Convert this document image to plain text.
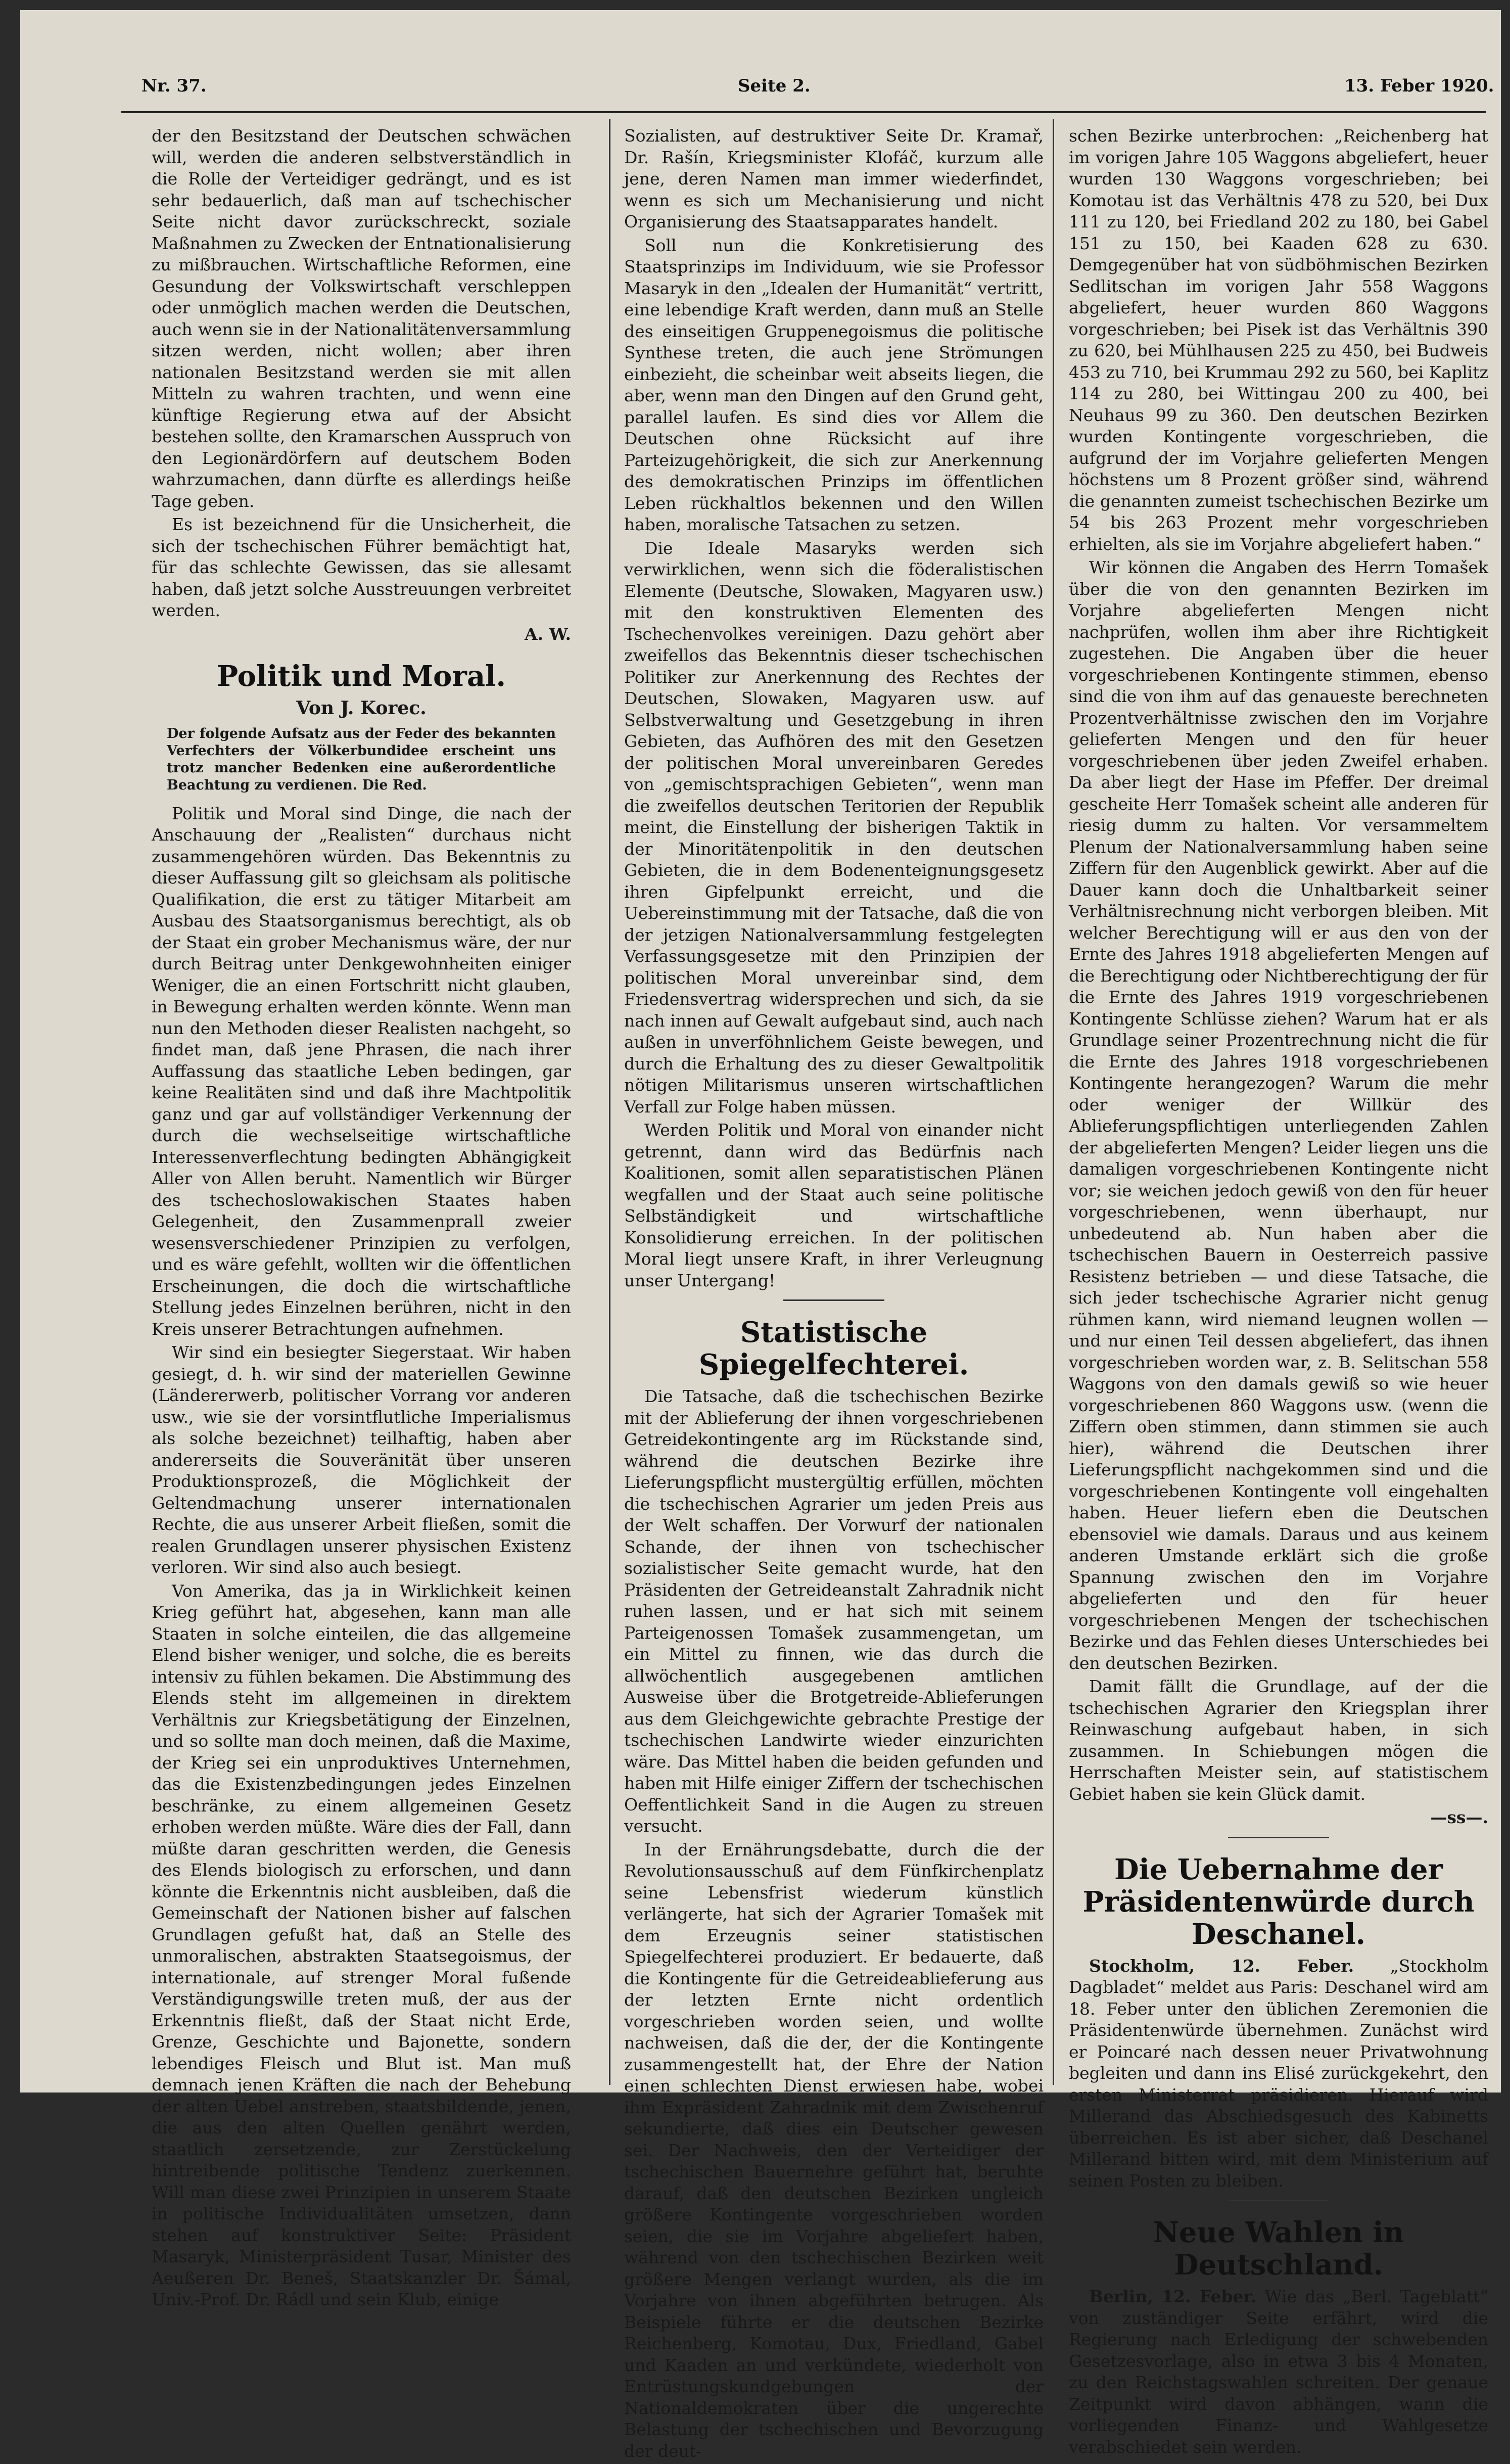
Nr. 37.	Seite 2.	13. Feber 1920.

der den Besitzstand der Deutschen schwächen will, werden die anderen selbstverständlich in die Rolle der Verteidiger gedrängt, und es ist sehr bedauerlich, daß man auf tschechischer Seite nicht davor zurückschreckt, soziale Maßnahmen zu Zwecken der Entnationalisierung zu mißbrauchen. Wirtschaftliche Reformen, eine Gesundung der Volkswirtschaft verschleppen oder unmöglich machen werden die Deutschen, auch wenn sie in der Nationalitätenversammlung sitzen werden, nicht wollen; aber ihren nationalen Besitzstand werden sie mit allen Mitteln zu wahren trachten, und wenn eine künftige Regierung etwa auf der Absicht bestehen sollte, den Kramarschen Ausspruch von den Legionärdörfern auf deutschem Boden wahrzumachen, dann dürfte es allerdings heiße Tage geben.

Es ist bezeichnend für die Unsicherheit, die sich der tschechischen Führer bemächtigt hat, für das schlechte Gewissen, das sie allesamt haben, daß jetzt solche Ausstreuungen verbreitet werden.

A. W.
Politik und Moral.
Von J. Korec.
Der folgende Aufsatz aus der Feder des bekannten Verfechters der Völkerbundidee erscheint uns trotz mancher Bedenken eine außerordentliche Beachtung zu verdienen. Die Red.

Politik und Moral sind Dinge, die nach der Anschauung der „Realisten“ durchaus nicht zusammengehören würden. Das Bekenntnis zu dieser Auffassung gilt so gleichsam als politische Qualifikation, die erst zu tätiger Mitarbeit am Ausbau des Staatsorganismus berechtigt, als ob der Staat ein grober Mechanismus wäre, der nur durch Beitrag unter Denkgewohnheiten einiger Weniger, die an einen Fortschritt nicht glauben, in Bewegung erhalten werden könnte. Wenn man nun den Methoden dieser Realisten nachgeht, so findet man, daß jene Phrasen, die nach ihrer Auffassung das staatliche Leben bedingen, gar keine Realitäten sind und daß ihre Machtpolitik ganz und gar auf vollständiger Verkennung der durch die wechselseitige wirtschaftliche Interessenverflechtung bedingten Abhängigkeit Aller von Allen beruht. Namentlich wir Bürger des tschechoslowakischen Staates haben Gelegenheit, den Zusammenprall zweier wesensverschiedener Prinzipien zu verfolgen, und es wäre gefehlt, wollten wir die öffentlichen Erscheinungen, die doch die wirtschaftliche Stellung jedes Einzelnen berühren, nicht in den Kreis unserer Betrachtungen aufnehmen.

Wir sind ein besiegter Siegerstaat. Wir haben gesiegt, d. h. wir sind der materiellen Gewinne (Ländererwerb, politischer Vorrang vor anderen usw., wie sie der vorsintflutliche Imperialismus als solche bezeichnet) teilhaftig, haben aber andererseits die Souveränität über unseren Produktionsprozeß, die Möglichkeit der Geltendmachung unserer internationalen Rechte, die aus unserer Arbeit fließen, somit die realen Grundlagen unserer physischen Existenz verloren. Wir sind also auch besiegt.

Von Amerika, das ja in Wirklichkeit keinen Krieg geführt hat, abgesehen, kann man alle Staaten in solche einteilen, die das allgemeine Elend bisher weniger, und solche, die es bereits intensiv zu fühlen bekamen. Die Abstimmung des Elends steht im allgemeinen in direktem Verhältnis zur Kriegsbetätigung der Einzelnen, und so sollte man doch meinen, daß die Maxime, der Krieg sei ein unproduktives Unternehmen, das die Existenzbedingungen jedes Einzelnen beschränke, zu einem allgemeinen Gesetz erhoben werden müßte. Wäre dies der Fall, dann müßte daran geschritten werden, die Genesis des Elends biologisch zu erforschen, und dann könnte die Erkenntnis nicht ausbleiben, daß die Gemeinschaft der Nationen bisher auf falschen Grundlagen gefußt hat, daß an Stelle des unmoralischen, abstrakten Staatsegoismus, der internationale, auf strenger Moral fußende Verständigungswille treten muß, der aus der Erkenntnis fließt, daß der Staat nicht Erde, Grenze, Geschichte und Bajonette, sondern lebendiges Fleisch und Blut ist. Man muß demnach jenen Kräften die nach der Behebung der alten Uebel anstreben, staatsbildende, jenen, die aus den alten Quellen genährt werden, staatlich zersetzende, zur Zerstückelung hintreibende politische Tendenz zuerkennen. Will man diese zwei Prinzipien in unserem Staate in politische Individualitäten umsetzen, dann stehen auf konstruktiver Seite: Präsident Masaryk, Ministerpräsident Tusar, Minister des Aeußeren Dr. Beneš, Staatskanzler Dr. Šámal, Univ.-Prof. Dr. Rádl und sein Klub, einige

Sozialisten, auf destruktiver Seite Dr. Kramař, Dr. Rašín, Kriegsminister Klofáč, kurzum alle jene, deren Namen man immer wiederfindet, wenn es sich um Mechanisierung und nicht Organisierung des Staatsapparates handelt.

Soll nun die Konkretisierung des Staatsprinzips im Individuum, wie sie Professor Masaryk in den „Idealen der Humanität“ vertritt, eine lebendige Kraft werden, dann muß an Stelle des einseitigen Gruppenegoismus die politische Synthese treten, die auch jene Strömungen einbezieht, die scheinbar weit abseits liegen, die aber, wenn man den Dingen auf den Grund geht, parallel laufen. Es sind dies vor Allem die Deutschen ohne Rücksicht auf ihre Parteizugehörigkeit, die sich zur Anerkennung des demokratischen Prinzips im öffentlichen Leben rückhaltlos bekennen und den Willen haben, moralische Tatsachen zu setzen.

Die Ideale Masaryks werden sich verwirklichen, wenn sich die föderalistischen Elemente (Deutsche, Slowaken, Magyaren usw.) mit den konstruktiven Elementen des Tschechenvolkes vereinigen. Dazu gehört aber zweifellos das Bekenntnis dieser tschechischen Politiker zur Anerkennung des Rechtes der Deutschen, Slowaken, Magyaren usw. auf Selbstverwaltung und Gesetzgebung in ihren Gebieten, das Aufhören des mit den Gesetzen der politischen Moral unvereinbaren Geredes von „gemischtsprachigen Gebieten“, wenn man die zweifellos deutschen Teritorien der Republik meint, die Einstellung der bisherigen Taktik in der Minoritätenpolitik in den deutschen Gebieten, die in dem Bodenenteignungsgesetz ihren Gipfelpunkt erreicht, und die Uebereinstimmung mit der Tatsache, daß die von der jetzigen Nationalversammlung festgelegten Verfassungsgesetze mit den Prinzipien der politischen Moral unvereinbar sind, dem Friedensvertrag widersprechen und sich, da sie nach innen auf Gewalt aufgebaut sind, auch nach außen in unverföhnlichem Geiste bewegen, und durch die Erhaltung des zu dieser Gewaltpolitik nötigen Militarismus unseren wirtschaftlichen Verfall zur Folge haben müssen.

Werden Politik und Moral von einander nicht getrennt, dann wird das Bedürfnis nach Koalitionen, somit allen separatistischen Plänen wegfallen und der Staat auch seine politische Selbständigkeit und wirtschaftliche Konsolidierung erreichen. In der politischen Moral liegt unsere Kraft, in ihrer Verleugnung unser Untergang!

Statistische Spiegelfechterei.

Die Tatsache, daß die tschechischen Bezirke mit der Ablieferung der ihnen vorgeschriebenen Getreidekontingente arg im Rückstande sind, während die deutschen Bezirke ihre Lieferungspflicht mustergültig erfüllen, möchten die tschechischen Agrarier um jeden Preis aus der Welt schaffen. Der Vorwurf der nationalen Schande, der ihnen von tschechischer sozialistischer Seite gemacht wurde, hat den Präsidenten der Getreideanstalt Zahradnik nicht ruhen lassen, und er hat sich mit seinem Parteigenossen Tomašek zusammengetan, um ein Mittel zu finnen, wie das durch die allwöchentlich ausgegebenen amtlichen Ausweise über die Brotgetreide-Ablieferungen aus dem Gleichgewichte gebrachte Prestige der tschechischen Landwirte wieder einzurichten wäre. Das Mittel haben die beiden gefunden und haben mit Hilfe einiger Ziffern der tschechischen Oeffentlichkeit Sand in die Augen zu streuen versucht.

In der Ernährungsdebatte, durch die der Revolutionsausschuß auf dem Fünfkirchenplatz seine Lebensfrist wiederum künstlich verlängerte, hat sich der Agrarier Tomašek mit dem Erzeugnis seiner statistischen Spiegelfechterei produziert. Er bedauerte, daß die Kontingente für die Getreideablieferung aus der letzten Ernte nicht ordentlich vorgeschrieben worden seien, und wollte nachweisen, daß die der, der die Kontingente zusammengestellt hat, der Ehre der Nation einen schlechten Dienst erwiesen habe, wobei ihm Expräsident Zahradnik mit dem Zwischenruf sekundierte, daß dies ein Deutscher gewesen sei. Der Nachweis, den der Verteidiger der tschechischen Bauernehre geführt hat, beruhte darauf, daß den deutschen Bezirken ungleich größere Kontingente vorgeschrieben worden seien, die sie im Vorjahre abgeliefert haben, während von den tschechischen Bezirken weit größere Mengen verlangt wurden, als die im Vorjahre von ihnen abgeführten betrugen. Als Beispiele führte er die deutschen Bezirke Reichenberg, Komotau, Dux, Friedland, Gabel und Kaaden an und verkündete, wiederholt von Entrüstungskundgebungen der Nationaldemokraten über die ungerechte Belastung der tschechischen und Bevorzugung der deut-

schen Bezirke unterbrochen: „Reichenberg hat im vorigen Jahre 105 Waggons abgeliefert, heuer wurden 130 Waggons vorgeschrieben; bei Komotau ist das Verhältnis 478 zu 520, bei Dux 111 zu 120, bei Friedland 202 zu 180, bei Gabel 151 zu 150, bei Kaaden 628 zu 630. Demgegenüber hat von südböhmischen Bezirken Sedlitschan im vorigen Jahr 558 Waggons abgeliefert, heuer wurden 860 Waggons vorgeschrieben; bei Pisek ist das Verhältnis 390 zu 620, bei Mühlhausen 225 zu 450, bei Budweis 453 zu 710, bei Krummau 292 zu 560, bei Kaplitz 114 zu 280, bei Wittingau 200 zu 400, bei Neuhaus 99 zu 360. Den deutschen Bezirken wurden Kontingente vorgeschrieben, die aufgrund der im Vorjahre gelieferten Mengen höchstens um 8 Prozent größer sind, während die genannten zumeist tschechischen Bezirke um 54 bis 263 Prozent mehr vorgeschrieben erhielten, als sie im Vorjahre abgeliefert haben.“

Wir können die Angaben des Herrn Tomašek über die von den genannten Bezirken im Vorjahre abgelieferten Mengen nicht nachprüfen, wollen ihm aber ihre Richtigkeit zugestehen. Die Angaben über die heuer vorgeschriebenen Kontingente stimmen, ebenso sind die von ihm auf das genaueste berechneten Prozentverhältnisse zwischen den im Vorjahre gelieferten Mengen und den für heuer vorgeschriebenen über jeden Zweifel erhaben. Da aber liegt der Hase im Pfeffer. Der dreimal gescheite Herr Tomašek scheint alle anderen für riesig dumm zu halten. Vor versammeltem Plenum der Nationalversammlung haben seine Ziffern für den Augenblick gewirkt. Aber auf die Dauer kann doch die Unhaltbarkeit seiner Verhältnisrechnung nicht verborgen bleiben. Mit welcher Berechtigung will er aus den von der Ernte des Jahres 1918 abgelieferten Mengen auf die Berechtigung oder Nichtberechtigung der für die Ernte des Jahres 1919 vorgeschriebenen Kontingente Schlüsse ziehen? Warum hat er als Grundlage seiner Prozentrechnung nicht die für die Ernte des Jahres 1918 vorgeschriebenen Kontingente herangezogen? Warum die mehr oder weniger der Willkür des Ablieferungspflichtigen unterliegenden Zahlen der abgelieferten Mengen? Leider liegen uns die damaligen vorgeschriebenen Kontingente nicht vor; sie weichen jedoch gewiß von den für heuer vorgeschriebenen, wenn überhaupt, nur unbedeutend ab. Nun haben aber die tschechischen Bauern in Oesterreich passive Resistenz betrieben — und diese Tatsache, die sich jeder tschechische Agrarier nicht genug rühmen kann, wird niemand leugnen wollen — und nur einen Teil dessen abgeliefert, das ihnen vorgeschrieben worden war, z. B. Selitschan 558 Waggons von den damals gewiß so wie heuer vorgeschriebenen 860 Waggons usw. (wenn die Ziffern oben stimmen, dann stimmen sie auch hier), während die Deutschen ihrer Lieferungspflicht nachgekommen sind und die vorgeschriebenen Kontingente voll eingehalten haben. Heuer liefern eben die Deutschen ebensoviel wie damals. Daraus und aus keinem anderen Umstande erklärt sich die große Spannung zwischen den im Vorjahre abgelieferten und den für heuer vorgeschriebenen Mengen der tschechischen Bezirke und das Fehlen dieses Unterschiedes bei den deutschen Bezirken.

Damit fällt die Grundlage, auf der die tschechischen Agrarier den Kriegsplan ihrer Reinwaschung aufgebaut haben, in sich zusammen. In Schiebungen mögen die Herrschaften Meister sein, auf statistischem Gebiet haben sie kein Glück damit.

—ss—.
Die Uebernahme der Präsidentenwürde durch Deschanel.

Stockholm, 12. Feber. „Stockholm Dagbladet“ meldet aus Paris: Deschanel wird am 18. Feber unter den üblichen Zeremonien die Präsidentenwürde übernehmen. Zunächst wird er Poincaré nach dessen neuer Privatwohnung begleiten und dann ins Elisé zurückgekehrt, den ersten Ministerrat präsidieren. Hierauf wird Millerand das Abschiedsgesuch des Kabinetts überreichen. Es ist aber sicher, daß Deschanel Millerand bitten wird, mit dem Ministerium auf seinen Posten zu bleiben.

Neue Wahlen in Deutschland.

Berlin, 12. Feber. Wie das „Berl. Tageblatt“ von zuständiger Seite erfährt, wird die Regierung nach Erledigung der schwebenden Gesetzesvorlage, also in etwa 3 bis 4 Monaten, zu den Reichstagswahlen schreiten. Der genaue Zeitpunkt wird davon abhängen, wann die vorliegenden Finanz- und Wahlgesetze verabschiedet sein werden.
